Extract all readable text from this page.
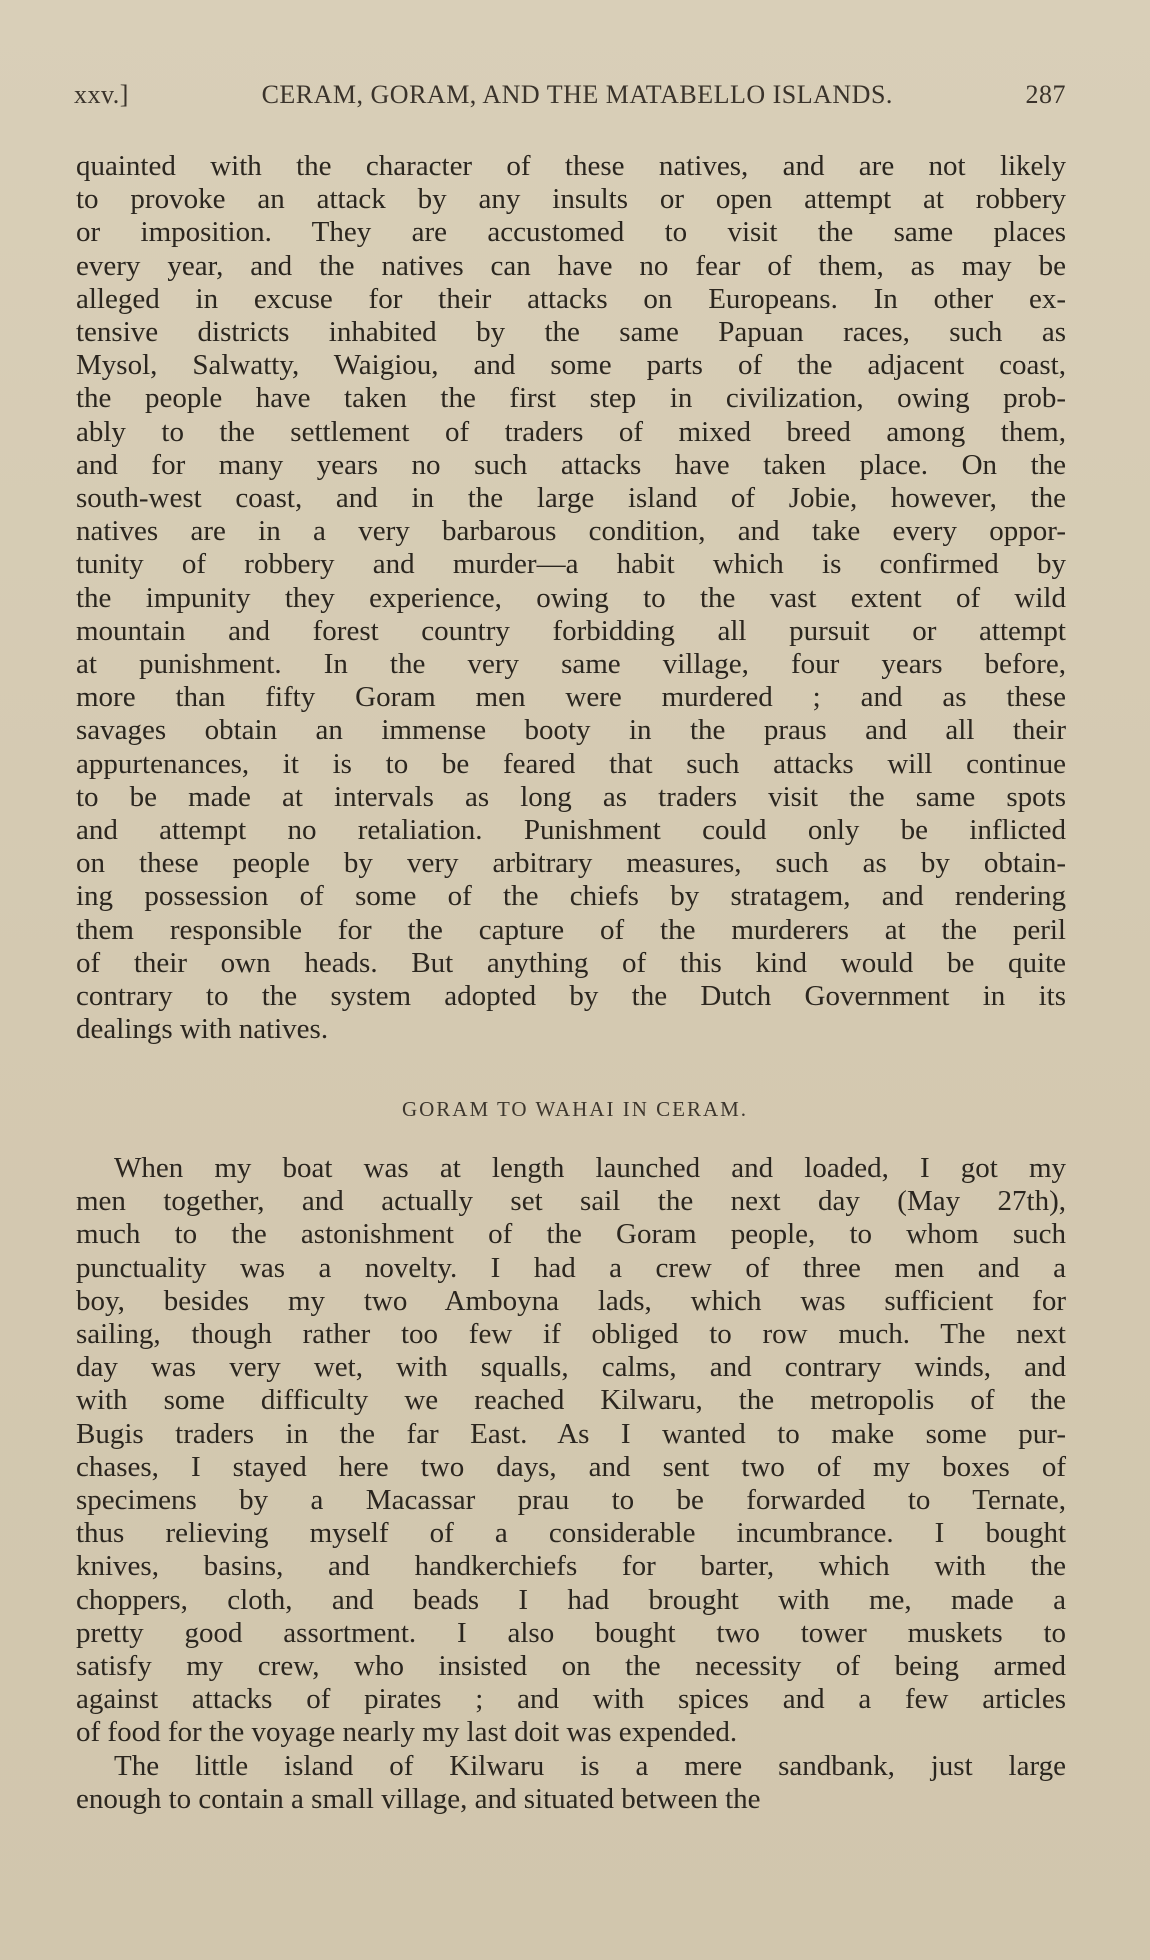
xxv.]	CERAM, GORAM, AND THE MATABELLO ISLANDS.	287
quainted with the character of these natives, and are not likely
to provoke an attack by any insults or open attempt at robbery
or imposition. They are accustomed to visit the same places
every year, and the natives can have no fear of them, as may be
alleged in excuse for their attacks on Europeans. In other ex-
tensive districts inhabited by the same Papuan races, such as
Mysol, Salwatty, Waigiou, and some parts of the adjacent coast,
the people have taken the first step in civilization, owing prob-
ably to the settlement of traders of mixed breed among them,
and for many years no such attacks have taken place. On the
south-west coast, and in the large island of Jobie, however, the
natives are in a very barbarous condition, and take every oppor-
tunity of robbery and murder—a habit which is confirmed by
the impunity they experience, owing to the vast extent of wild
mountain and forest country forbidding all pursuit or attempt
at punishment. In the very same village, four years before,
more than fifty Goram men were murdered ; and as these
savages obtain an immense booty in the praus and all their
appurtenances, it is to be feared that such attacks will continue
to be made at intervals as long as traders visit the same spots
and attempt no retaliation. Punishment could only be inflicted
on these people by very arbitrary measures, such as by obtain-
ing possession of some of the chiefs by stratagem, and rendering
them responsible for the capture of the murderers at the peril
of their own heads. But anything of this kind would be quite
contrary to the system adopted by the Dutch Government in its
dealings with natives.
GORAM TO WAHAI IN CERAM.
When my boat was at length launched and loaded, I got my
men together, and actually set sail the next day (May 27th),
much to the astonishment of the Goram people, to whom such
punctuality was a novelty. I had a crew of three men and a
boy, besides my two Amboyna lads, which was sufficient for
sailing, though rather too few if obliged to row much. The next
day was very wet, with squalls, calms, and contrary winds, and
with some difficulty we reached Kilwaru, the metropolis of the
Bugis traders in the far East. As I wanted to make some pur-
chases, I stayed here two days, and sent two of my boxes of
specimens by a Macassar prau to be forwarded to Ternate,
thus relieving myself of a considerable incumbrance. I bought
knives, basins, and handkerchiefs for barter, which with the
choppers, cloth, and beads I had brought with me, made a
pretty good assortment. I also bought two tower muskets to
satisfy my crew, who insisted on the necessity of being armed
against attacks of pirates ; and with spices and a few articles
of food for the voyage nearly my last doit was expended.
The little island of Kilwaru is a mere sandbank, just large
enough to contain a small village, and situated between the
